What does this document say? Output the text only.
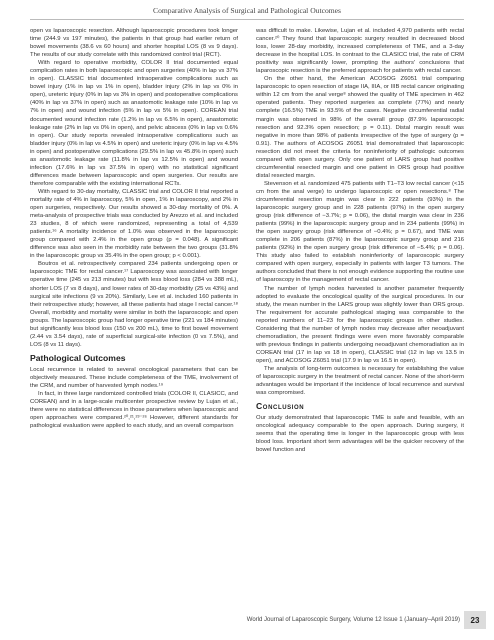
Comparative Analysis of Surgical and Pathological Outcomes

open vs laparoscopic resection. Although laparoscopic procedures took longer time (244.9 vs 197 minutes), the patients in that group had earlier return of bowel movements (38.6 vs 60 hours) and shorter hospital LOS (8 vs 9 days). The results of our study correlate with this randomized control trial (RCT).

With regard to operative morbidity, COLOR II trial documented equal complication rates in both laparoscopic and open surgeries (40% in lap vs 37% in open). CLASSIC trial documented intraoperative complications such as bowel injury (1% in lap vs 1% in open), bladder injury (2% in lap vs 0% in open), ureteric injury (0% in lap vs 3% in open) and postoperative complications (40% in lap vs 37% in open) such as anastomotic leakage rate (10% in lap vs 7% in open) and wound infection (5% in lap vs 5% in open). COREAN trial documented wound infection rate (1.2% in lap vs 6.5% in open), anastomotic leakage rate (2% in lap vs 0% in open), and pelvic abscess (0% in lap vs 0.6% in open). Our study reports revealed intraoperative complications such as bladder injury (0% in lap vs 4.5% in open) and ureteric injury (0% in lap vs 4.5% in open) and postoperative complications (29.5% in lap vs 45.8% in open) such as anastomotic leakage rate (11.8% in lap vs 12.5% in open) and wound infection (17.6% in lap vs 37.5% in open) with no statistical significant differences made between laparoscopic and open surgeries. Our results are therefore comparable with the existing international RCTs.

With regard to 30-day mortality, CLASSIC trial and COLOR II trial reported a mortality rate of 4% in laparoscopy, 5% in open, 1% in laparoscopy, and 2% in open surgeries, respectively. Our results showed a 30-day mortality of 0%. A meta-analysis of prospective trials was conducted by Arezzo et al. and included 23 studies, 8 of which were randomized, representing a total of 4,539 patients.¹⁶ A mortality incidence of 1.0% was observed in the laparoscopic group compared with 2.4% in the open group (p = 0.048). A significant difference was also seen in the morbidity rate between the two groups (31.8% in the laparoscopic group vs 35.4% in the open group; p < 0.001).

Boutros et al. retrospectively compared 234 patients undergoing open or laparoscopic TME for rectal cancer.¹⁷ Laparoscopy was associated with longer operative time (245 vs 213 minutes) but with less blood loss (284 vs 388 mL), shorter LOS (7 vs 8 days), and lower rates of 30-day morbidity (25 vs 43%) and surgical site infections (9 vs 20%). Similarly, Lee et al. included 160 patients in their retrospective study; however, all these patients had stage I rectal cancer.¹⁸ Overall, morbidity and mortality were similar in both the laparoscopic and open groups. The laparoscopic group had longer operative time (221 vs 184 minutes) but significantly less blood loss (150 vs 200 mL), time to first bowel movement (2.44 vs 3.54 days), rate of superficial surgical-site infection (0 vs 7.5%), and LOS (8 vs 11 days).

Pathological Outcomes

Local recurrence is related to several oncological parameters that can be objectively measured. These include completeness of the TME, involvement of the CRM, and number of harvested lymph nodes.¹⁹

In fact, in three large randomized controlled trials (COLOR II, CLASICC, and COREAN) and in a large-scale multicenter prospective review by Lujan et al., there were no statistical differences in those parameters when laparoscopic and open approaches were compared.²⁰,²¹,²³⁻²⁶ However, different standards for pathological evaluation were applied to each study, and an overall comparison

was difficult to make. Likewise, Lujan et al. included 4,970 patients with rectal cancer.²⁰ They found that laparoscopic surgery resulted in decreased blood loss, lower 28-day morbidity, increased completeness of TME, and a 3-day decrease in the hospital LOS. In contrast to the CLASICC trial, the rate of CRM positivity was significantly lower, prompting the authors' conclusions that laparoscopic resection is the preferred approach for patients with rectal cancer.

On the other hand, the American ACOSOG Z6051 trial comparing laparoscopic to open resection of stage IIA, IIIA, or IIIB rectal cancer originating within 12 cm from the anal verge⁸ showed the quality of TME specimen in 462 operated patients. They reported surgeries as complete (77%) and nearly complete (16.5%) TME in 93.5% of the cases. Negative circumferential radial margin was observed in 98% of the overall group (87.9% laparoscopic resection and 92.3% open resection; p = 0.11). Distal margin result was negative in more than 98% of patients irrespective of the type of surgery (p = 0.91). The authors of ACOSOG Z6051 trial demonstrated that laparoscopic resection did not meet the criteria for noninferiority of pathologic outcomes compared with open surgery. Only one patient of LARS group had positive circumferential resected margin and one patient in ORS group had positive distal resected margin.

Stevenson et al. randomized 475 patients with T1–T3 low rectal cancer (<15 cm from the anal verge) to undergo laparoscopic or open resections.⁸ The circumferential resection margin was clear in 222 patients (93%) in the laparoscopic surgery group and in 228 patients (97%) in the open surgery group (risk difference of −3.7%; p = 0.06), the distal margin was clear in 236 patients (99%) in the laparoscopic surgery group and in 234 patients (99%) in the open surgery group (risk difference of −0.4%; p = 0.67), and TME was complete in 206 patients (87%) in the laparoscopic surgery group and 216 patients (92%) in the open surgery group (risk difference of −5.4%; p = 0.06). This study also failed to establish noninferiority of laparoscopic surgery compared with open surgery, especially in patients with larger T3 tumors. The authors concluded that there is not enough evidence supporting the routine use of laparoscopy in the management of rectal cancer.

The number of lymph nodes harvested is another parameter frequently adopted to evaluate the oncological quality of the surgical procedures. In our study, the mean number in the LARS group was slightly lower than ORS group. The requirement for accurate pathological staging was comparable to the reported numbers of 11–23 for the laparoscopic groups in other studies. Considering that the number of lymph nodes may decrease after neoadjuvant chemoradiation, the present findings were even more favorably comparable with previous findings in patients undergoing neoadjuvant chemoradiation as in COREAN trial (17 in lap vs 18 in open), CLASSIC trial (12 in lap vs 13.5 in open), and ACOSOG Z6051 trial (17.9 in lap vs 16.5 in open).

The analysis of long-term outcomes is necessary for establishing the value of laparoscopic surgery in the treatment of rectal cancer. None of the short-term advantages would be important if the incidence of local recurrence and survival was compromised.

Conclusion

Our study demonstrated that laparoscopic TME is safe and feasible, with an oncological adequacy comparable to the open approach. During surgery, it seems that the operating time is longer in the laparoscopic group with less blood loss. Important short term advantages will be the quicker recovery of the bowel function and

World Journal of Laparoscopic Surgery, Volume 12 Issue 1 (January–April 2019)	23
